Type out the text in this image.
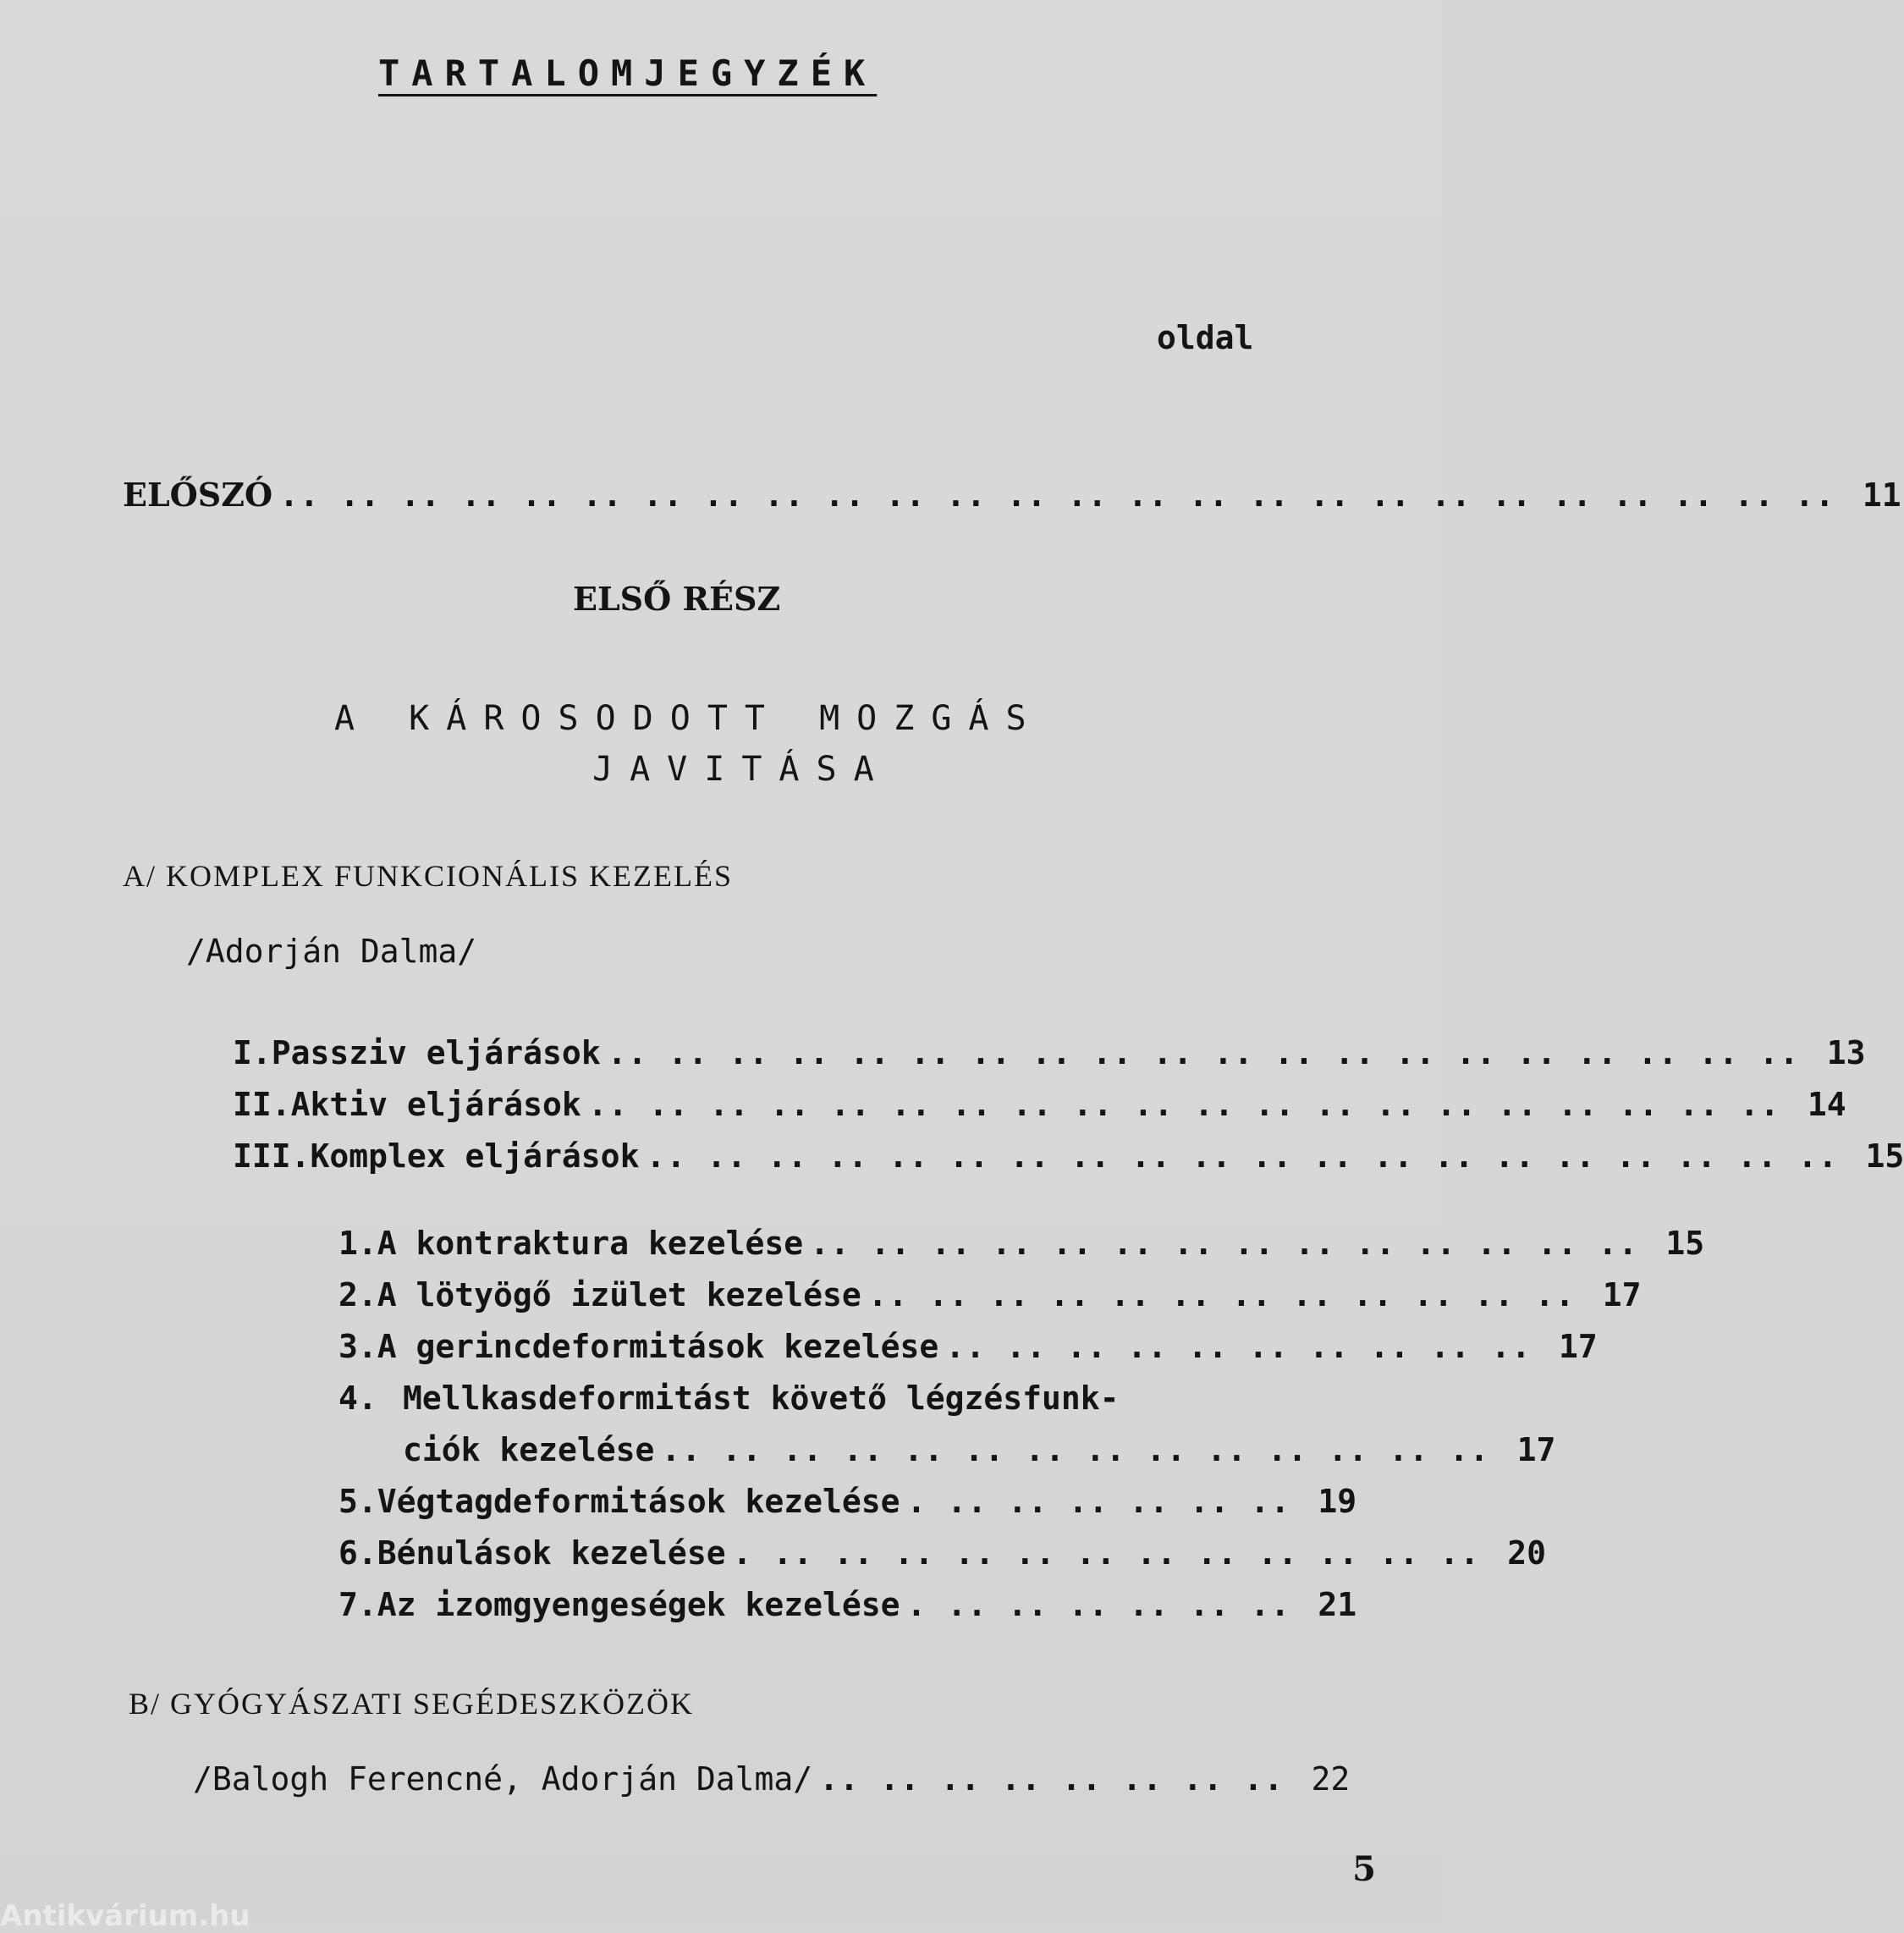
TARTALOMJEGYZÉK
oldal
ELŐSZÓ .. .. .. .. .. .. .. .. .. .. .. .. .. .. .. .. .. .. .. .. .. .. .. .. .. .. 11
ELSŐ RÉSZ
A KÁROSODOTT MOZGÁS
JAVITÁSA
A/ KOMPLEX FUNKCIONÁLIS KEZELÉS
/Adorján Dalma/
I. Passziv eljárások .. .. .. .. .. .. .. .. .. .. .. .. .. .. .. .. .. .. .. .. 13
II. Aktiv eljárások .. .. .. .. .. .. .. .. .. .. .. .. .. .. .. .. .. .. .. .. 14
III. Komplex eljárások .. .. .. .. .. .. .. .. .. .. .. .. .. .. .. .. .. .. .. .. 15
1. A kontraktura kezelése .. .. .. .. .. .. .. .. .. .. .. .. .. .. 15
2. A lötyögő izület kezelése .. .. .. .. .. .. .. .. .. .. .. .. 17
3. A gerincdeformitások kezelése .. .. .. .. .. .. .. .. .. .. 17
4. Mellkasdeformitást követő légzésfunk-
ciók kezelése .. .. .. .. .. .. .. .. .. .. .. .. .. .. 17
5. Végtagdeformitások kezelése . .. .. .. .. .. .. 19
6. Bénulások kezelése . .. .. .. .. .. .. .. .. .. .. .. .. 20
7. Az izomgyengeségek kezelése . .. .. .. .. .. .. 21
B/ GYÓGYÁSZATI SEGÉDESZKÖZÖK
/Balogh Ferencné, Adorján Dalma/ .. .. .. .. .. .. .. .. 22
5
Antikvárium.hu
